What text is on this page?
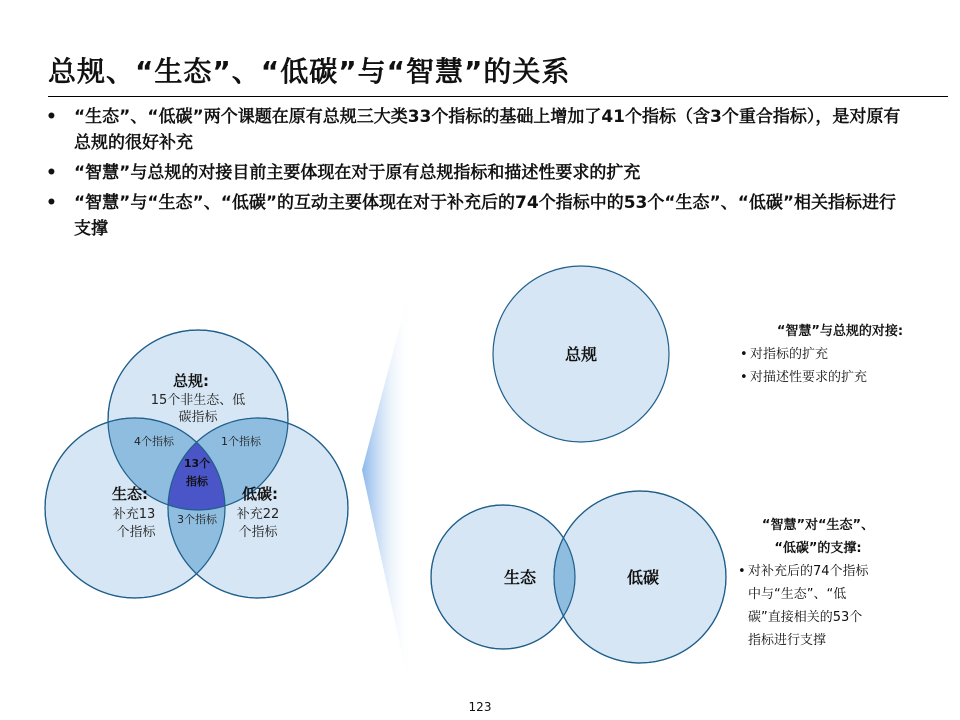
总规、“生态”、“低碳”与“智慧”的关系
• “生态”、“低碳”两个课题在原有总规三大类33个指标的基础上增加了41个指标（含3个重合指标），是对原有总规的很好补充
• “智慧”与总规的对接目前主要体现在对于原有总规指标和描述性要求的扩充
• “智慧”与“生态”、“低碳”的互动主要体现在对于补充后的74个指标中的53个“生态”、“低碳”相关指标进行支撑
总规:
15个非生态、低
碳指标
4个指标	1个指标
13个
指标
生态:
补充13
个指标
低碳:
补充22
个指标
3个指标
总规
生态	低碳
“智慧”与总规的对接:
• 对指标的扩充
• 对描述性要求的扩充
“智慧”对“生态”、
“低碳”的支撑:
• 对补充后的74个指标
中与“生态”、“低
碳”直接相关的53个
指标进行支撑
123
